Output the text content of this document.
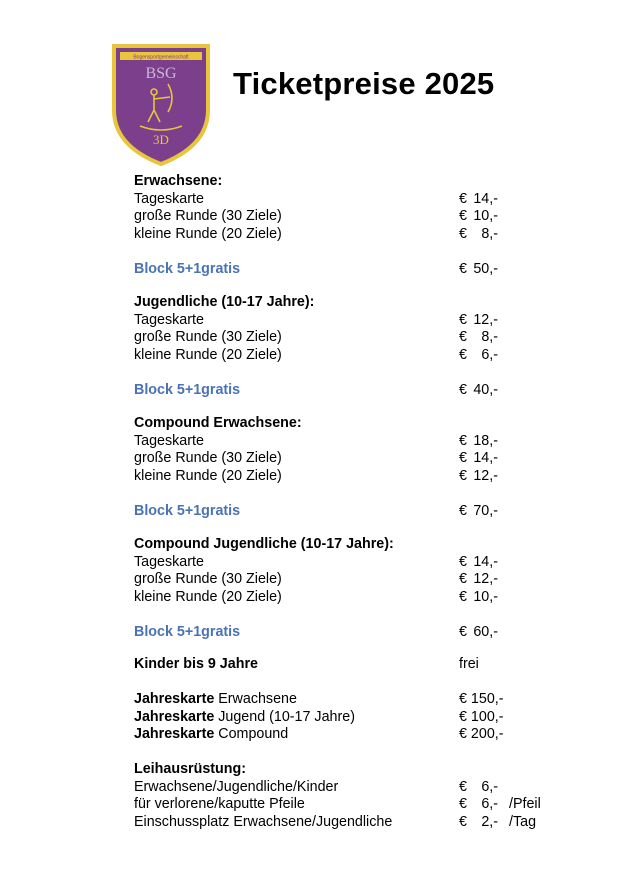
Bogensportgemeinschaft
BSG
3D
Ticketpreise 2025
Erwachsene:
Tageskarte	€ 14,-
große Runde (30 Ziele)	€ 10,-
kleine Runde (20 Ziele)	€ 8,-
Block 5+1gratis	€ 50,-
Jugendliche (10-17 Jahre):
Tageskarte	€ 12,-
große Runde (30 Ziele)	€ 8,-
kleine Runde (20 Ziele)	€ 6,-
Block 5+1gratis	€ 40,-
Compound Erwachsene:
Tageskarte	€ 18,-
große Runde (30 Ziele)	€ 14,-
kleine Runde (20 Ziele)	€ 12,-
Block 5+1gratis	€ 70,-
Compound Jugendliche (10-17 Jahre):
Tageskarte	€ 14,-
große Runde (30 Ziele)	€ 12,-
kleine Runde (20 Ziele)	€ 10,-
Block 5+1gratis	€ 60,-
Kinder bis 9 Jahre	frei
Jahreskarte Erwachsene	€ 150,-
Jahreskarte Jugend (10-17 Jahre)	€ 100,-
Jahreskarte Compound	€ 200,-
Leihausrüstung:
Erwachsene/Jugendliche/Kinder	€ 6,-
für verlorene/kaputte Pfeile	€ 6,- /Pfeil
Einschussplatz Erwachsene/Jugendliche	€ 2,- /Tag
